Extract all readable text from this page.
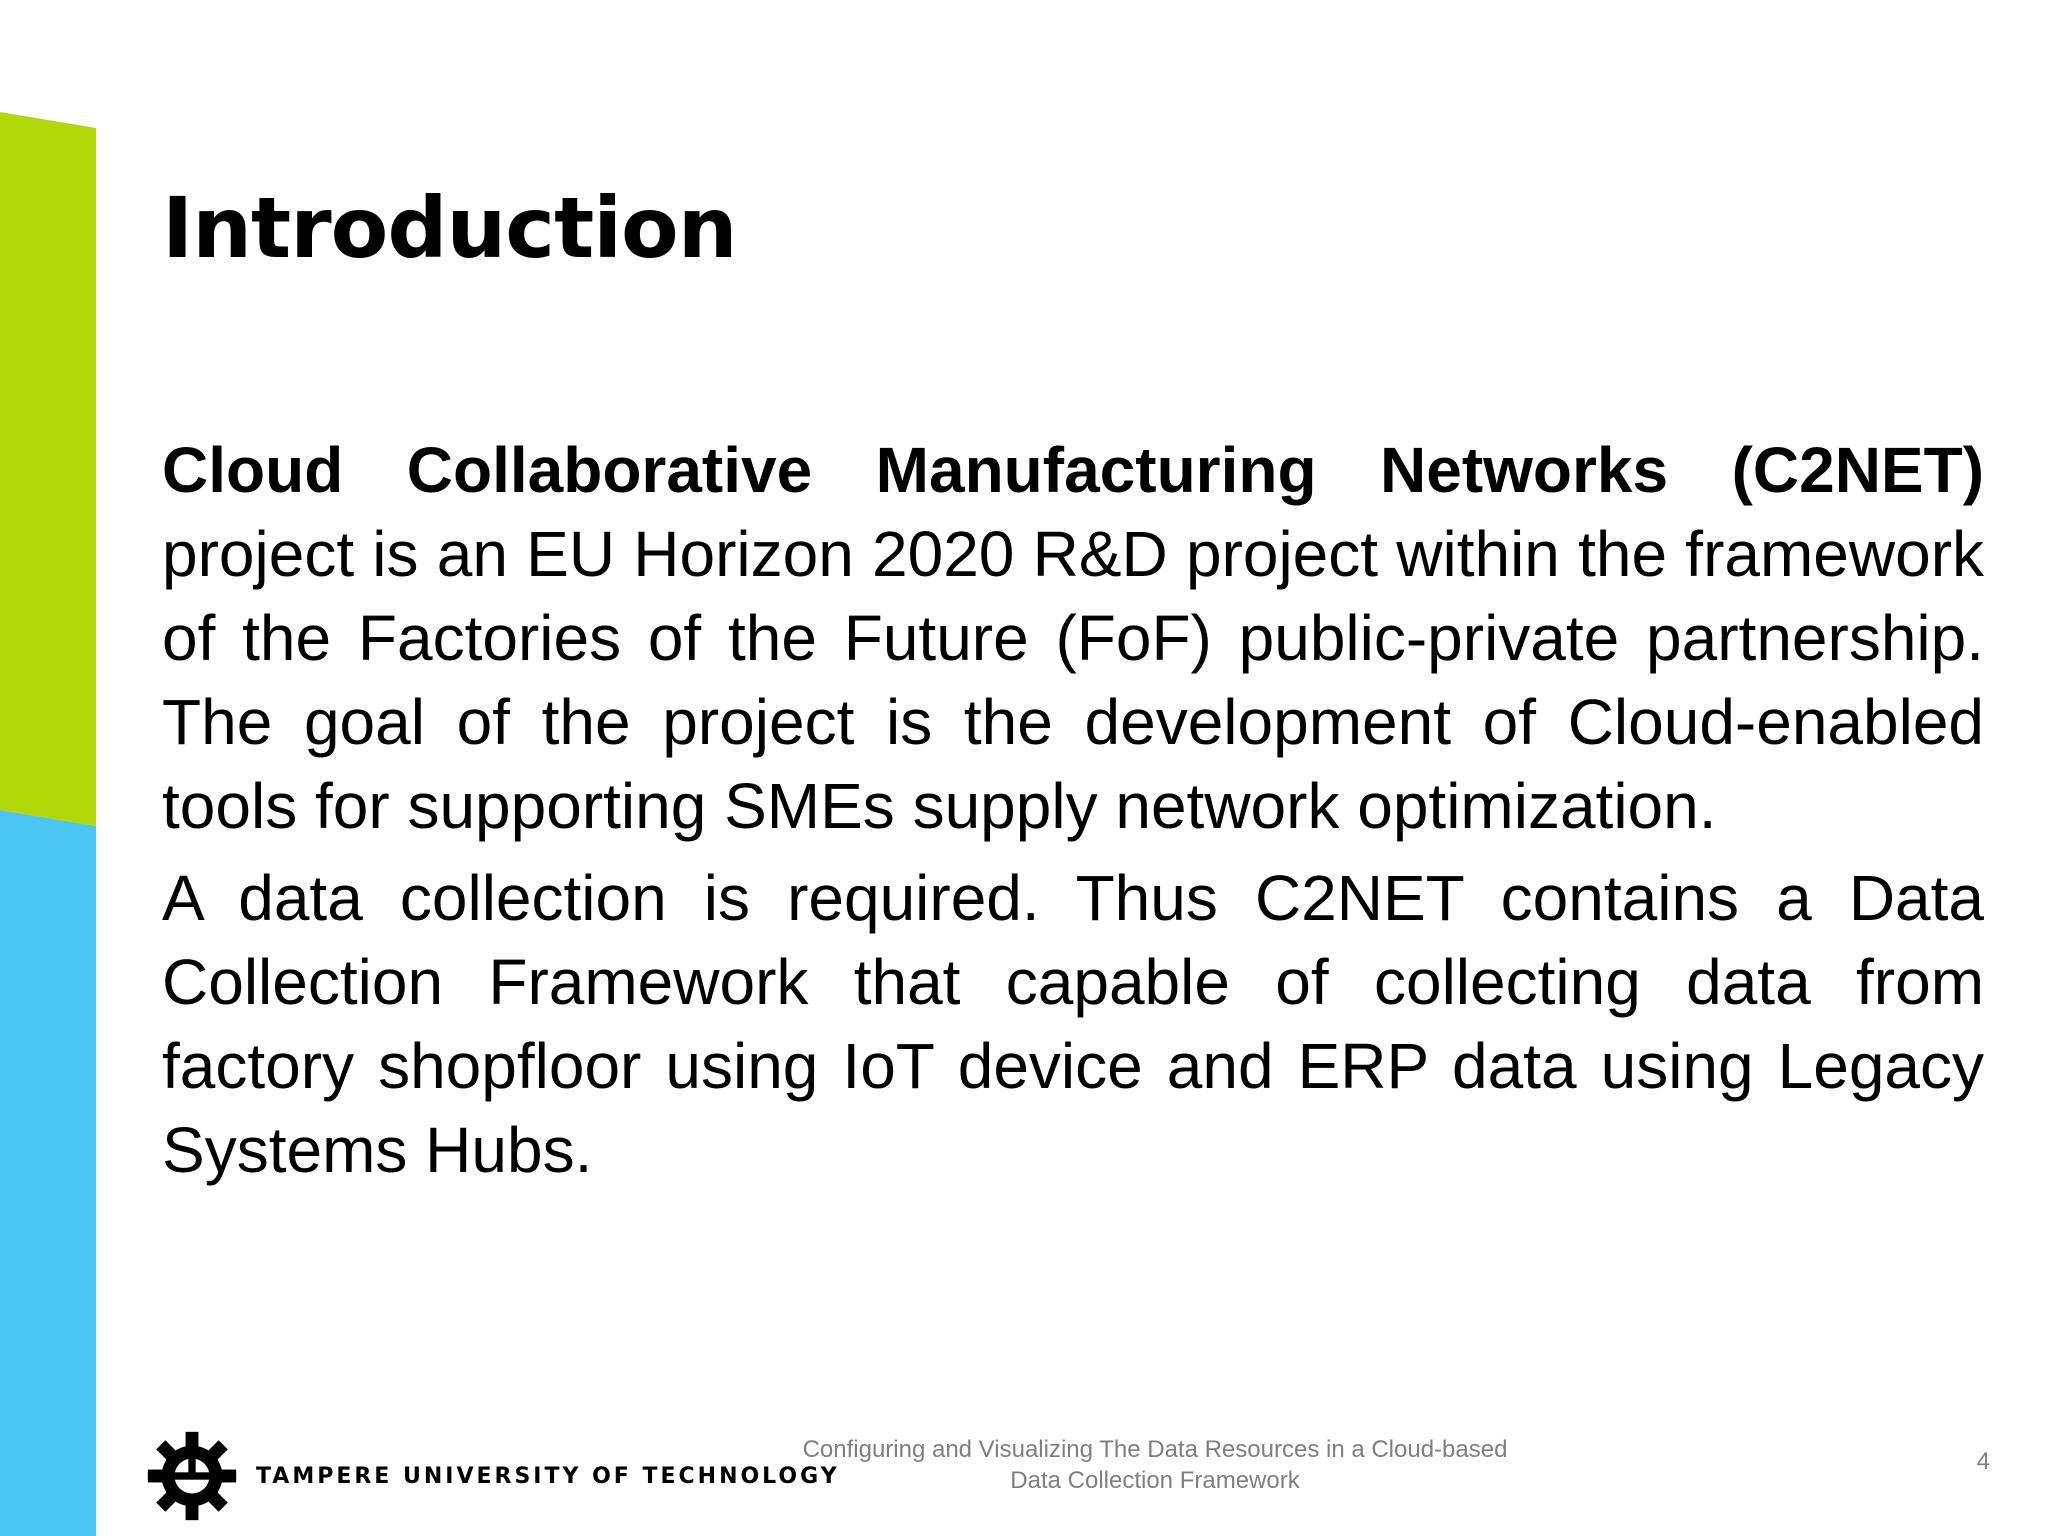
Introduction

Cloud Collaborative Manufacturing Networks (C2NET) project is an EU Horizon 2020 R&D project within the framework of the Factories of the Future (FoF) public-private partnership. The goal of the project is the development of Cloud-enabled tools for supporting SMEs supply network optimization.

A data collection is required. Thus C2NET contains a Data Collection Framework that capable of collecting data from factory shopfloor using IoT device and ERP data using Legacy Systems Hubs.

TAMPERE UNIVERSITY OF TECHNOLOGY
Configuring and Visualizing The Data Resources in a Cloud-based Data Collection Framework
4
